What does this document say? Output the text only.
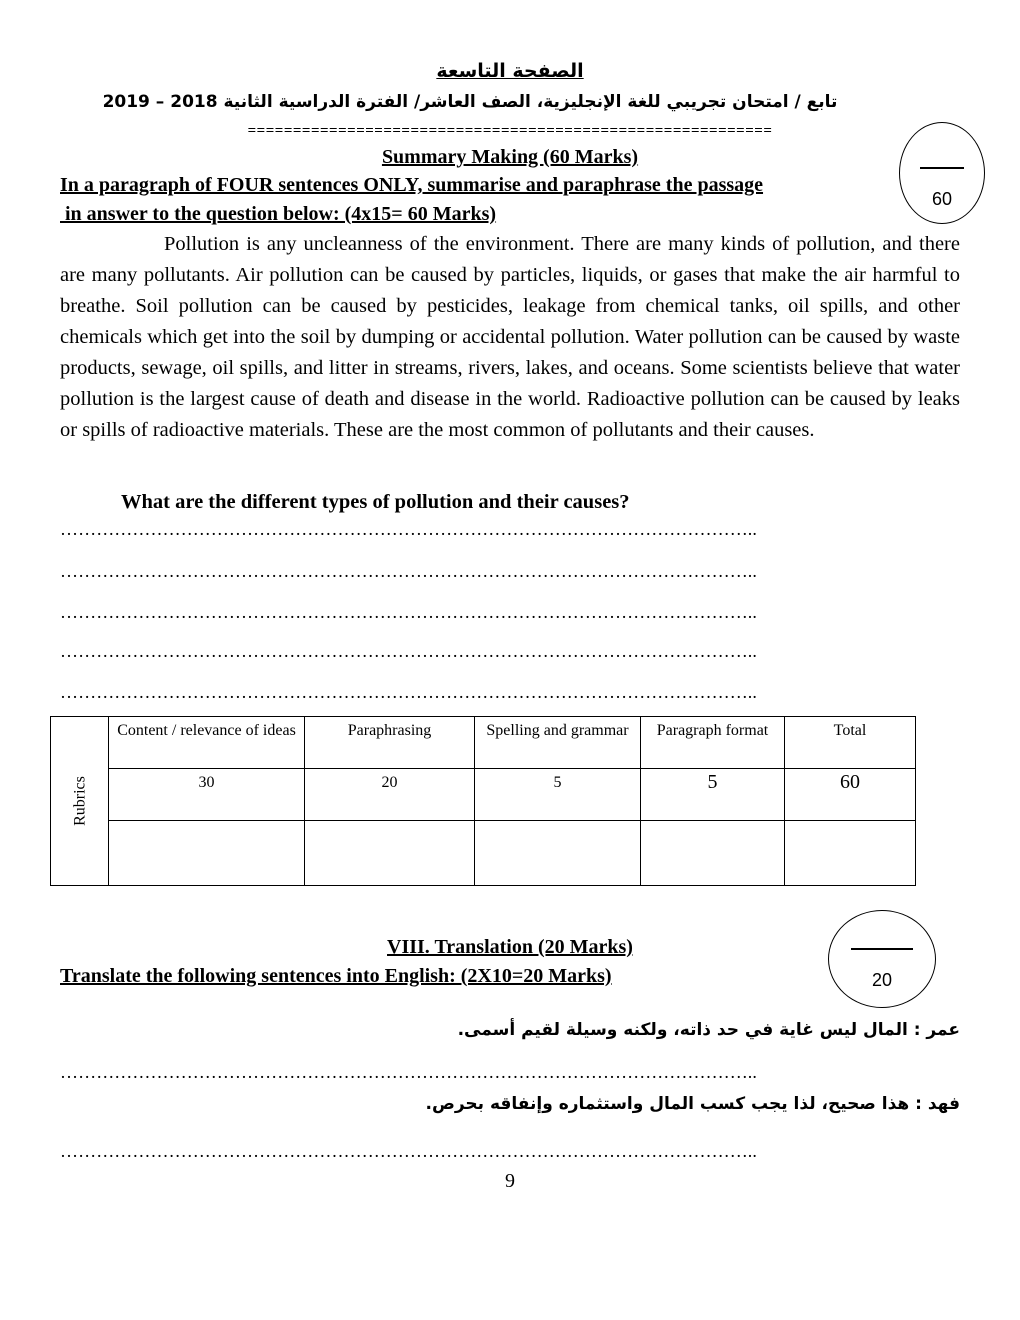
الصفحة التاسعة
تابع / امتحان تجريبي للغة الإنجليزية، الصف العاشر/ الفترة الدراسية الثانية 2018 – 2019
==========================================================
Summary Making (60 Marks)
In a paragraph of FOUR sentences ONLY, summarise and paraphrase the passage
in answer to the question below: (4x15= 60 Marks)
60

Pollution is any uncleanness of the environment. There are many kinds of pollution, and there are many pollutants. Air pollution can be caused by particles, liquids, or gases that make the air harmful to breathe. Soil pollution can be caused by pesticides, leakage from chemical tanks, oil spills, and other chemicals which get into the soil by dumping or accidental pollution. Water pollution can be caused by waste products, sewage, oil spills, and litter in streams, rivers, lakes, and oceans. Some scientists believe that water pollution is the largest cause of death and disease in the world. Radioactive pollution can be caused by leaks or spills of radioactive materials. These are the most common of pollutants and their causes.

What are the different types of pollution and their causes?
……………………………………………………………………………………………………..
……………………………………………………………………………………………………..
……………………………………………………………………………………………………..
……………………………………………………………………………………………………..
……………………………………………………………………………………………………..
Rubrics	Content / relevance of ideas	Paraphrasing	Spelling and grammar	Paragraph format	Total
	30	20	5	5	60

VIII. Translation (20 Marks)
Translate the following sentences into English: (2X10=20 Marks)	20
عمر : المال ليس غاية في حد ذاته، ولكنه وسيلة لقيم أسمى.
……………………………………………………………………………………………………..
فهد : هذا صحيح، لذا يجب كسب المال واستثماره وإنفاقه بحرص.
……………………………………………………………………………………………………..
9
